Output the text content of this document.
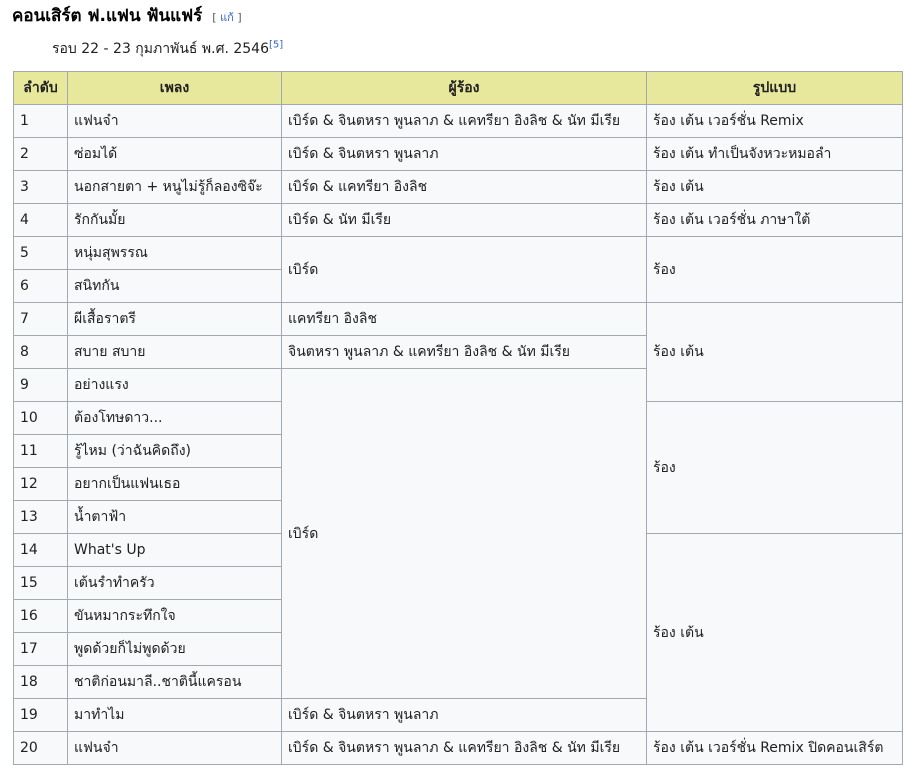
คอนเสิร์ต ฟ.แฟน ฟันแฟร์ [ แก้ ]
รอบ 22 - 23 กุมภาพันธ์ พ.ศ. 2546[5]
ลำดับ	เพลง	ผู้ร้อง	รูปแบบ
1	แฟนจ๋า	เบิร์ด & จินตหรา พูนลาภ & แคทรียา อิงลิช & นัท มีเรีย	ร้อง เต้น เวอร์ชั่น Remix
2	ซ่อมได้	เบิร์ด & จินตหรา พูนลาภ	ร้อง เต้น ทำเป็นจังหวะหมอลำ
3	นอกสายตา + หนูไม่รู้ก็ลองซิจ๊ะ	เบิร์ด & แคทรียา อิงลิช	ร้อง เต้น
4	รักกันมั้ย	เบิร์ด & นัท มีเรีย	ร้อง เต้น เวอร์ชั่น ภาษาใต้
5	หนุ่มสุพรรณ	เบิร์ด	ร้อง
6	สนิทกัน		
7	ผีเสื้อราตรี	แคทรียา อิงลิช	ร้อง เต้น
8	สบาย สบาย	จินตหรา พูนลาภ & แคทรียา อิงลิช & นัท มีเรีย	
9	อย่างแรง	เบิร์ด	
10	ต้องโทษดาว...		ร้อง
11	รู้ไหม (ว่าฉันคิดถึง)		
12	อยากเป็นแฟนเธอ		
13	น้ำตาฟ้า		
14	What's Up		ร้อง เต้น
15	เต้นรำทำครัว		
16	ขันหมากระทึกใจ		
17	พูดด้วยก็ไม่พูดด้วย		
18	ชาติก่อนมาลี..ชาตินี้แครอน		
19	มาทำไม	เบิร์ด & จินตหรา พูนลาภ	
20	แฟนจ๋า	เบิร์ด & จินตหรา พูนลาภ & แคทรียา อิงลิช & นัท มีเรีย	ร้อง เต้น เวอร์ชั่น Remix ปิดคอนเสิร์ต
